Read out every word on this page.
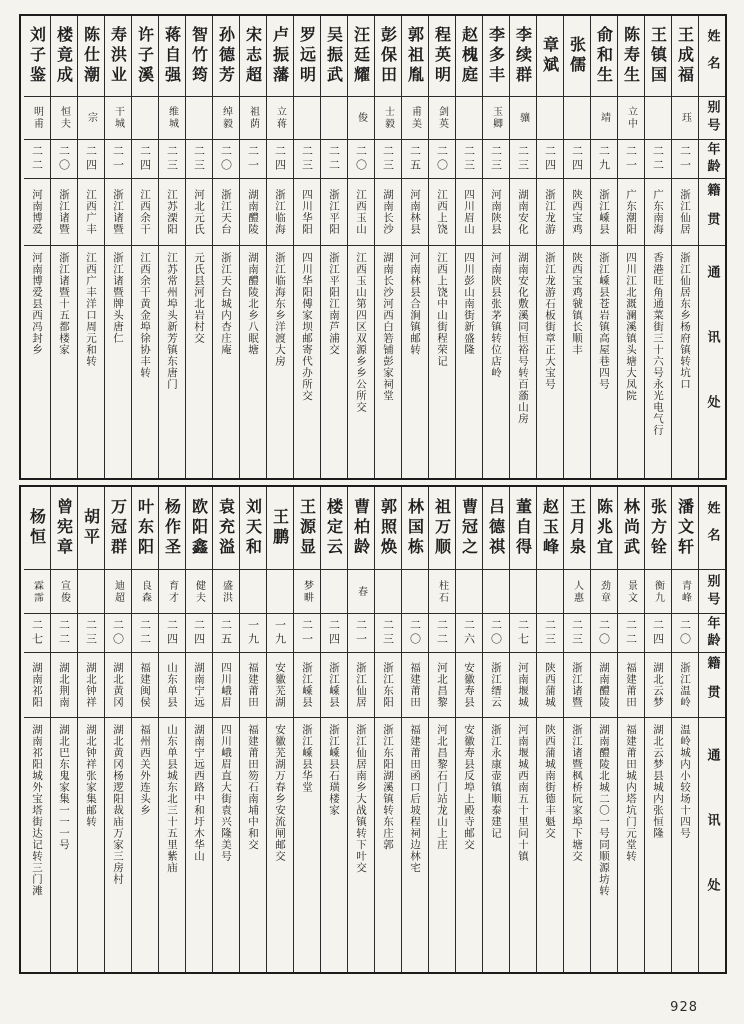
姓名
别号
年龄
籍贯
通讯处
王成福
珏
二一
浙江仙居
浙江仙居东乡杨府镇转坑口
王镇国
二二
广东南海
香港旺角通菜街三十六号永光电气行
陈寿生
立中
二一
广东潮阳
四川江北溉澜溪镇头塘大凤院
俞和生
靖
二九
浙江嵊县
浙江嵊县苍岩镇高屋巷四号
张儒
二四
陕西宝鸡
陕西宝鸡虢镇长顺丰
章斌
二四
浙江龙游
浙江龙游石板街章正大宝号
李续群
骧
二三
湖南安化
湖南安化敷溪同恒裕号转百蕍山房
李多丰
玉卿
二三
河南陕县
河南陕县张茅镇转位店岭
赵槐庭
二三
四川眉山
四川彭山南街新盛隆
程英明
剑英
二〇
江西上饶
江西上饶中山街程荣记
郭祖胤
甫美
二五
河南林县
河南林县合涧镇邮转
彭保田
士毅
二三
湖南长沙
湖南长沙河西白箬铺彭家祠堂
汪廷耀
俊
二〇
江西玉山
江西玉山第四区双源乡乡公所交
吴振武
二二
浙江平阳
浙江平阳江南芦浦交
罗远明
二三
四川华阳
四川华阳傅家坝邮寄代办所交
卢振藩
立蒋
二四
浙江临海
浙江临海东乡洋渡大房
宋志超
祖荫
二一
湖南醴陵
湖南醴陵北乡八眠塘
孙德芳
绰毅
二〇
浙江天台
浙江天台城内杏庄庵
智竹筠
二三
河北元氏
元氏县河北岩村交
蒋自强
维城
二三
江苏溧阳
江苏常州埠头新芳镇东唐门
许子溪
二四
江西余干
江西余干黄金埠徐协丰转
寿洪业
干城
二一
浙江诸暨
浙江诸暨牌头唐仁
陈仕潮
宗
二四
江西广丰
江西广丰洋口周元和转
楼竟成
恒夫
二〇
浙江诸暨
浙江诸暨十五都楼家
刘子鉴
明甫
二二
河南博爱
河南博爱县西冯封乡
姓名
别号
年龄
籍贯
通讯处
潘文轩
青峰
二〇
浙江温岭
温岭城内小较场十四号
张方铨
衡九
二四
湖北云梦
湖北云梦县城内张恒隆
林尚武
景文
二二
福建莆田
福建莆田城内塔坑门元堂转
陈兆宜
劲章
二〇
湖南醴陵
湖南醴陵北城二〇一号同顺源坊转
王月泉
人惠
二三
浙江诸暨
浙江诸暨枫桥阮家埠下塘交
赵玉峰
二三
陕西蒲城
陕西蒲城南街德丰魁交
董自得
二七
河南堰城
河南堰城西南五十里问十镇
吕德祺
二〇
浙江缙云
浙江永康壶镇顺泰建记
曹冠之
二六
安徽寿县
安徽寿县反埠上殿寺邮交
祖万顺
柱石
二二
河北昌黎
河北昌黎石门站龙山上庄
林国栋
二〇
福建莆田
福建莆田函口后坡程祠边林宅
郭照焕
二三
浙江东阳
浙江东阳湖溪镇转东庄郭
曹柏龄
春
二一
浙江仙居
浙江仙居南乡大战镇转下叶交
楼定云
二四
浙江嵊县
浙江嵊县石璜楼家
王源显
梦畊
二一
浙江嵊县
浙江嵊县华堂
王鹏
一九
安徽芜湖
安徽芜湖万春乡安流闸邮交
刘天和
一九
福建莆田
福建莆田笏石南埔中和交
袁充溢
盛洪
二五
四川峨眉
四川峨眉直大街袁兴隆美号
欧阳鑫
健夫
二四
湖南宁远
湖南宁远西路中和圩木华山
杨作圣
育才
二四
山东单县
山东单县城东北三十五里紫庙
叶东阳
良森
二二
福建闽侯
福州西关外连头乡
万冠群
迪超
二〇
湖北黄冈
湖北黄冈杨逻阳裁庙万家三房村
胡平
二三
湖北钟祥
湖北钟祥张家集邮转
曾宪章
宣俊
二二
湖北荆南
湖北巴东鬼家集一一一号
杨恒
霖霈
二七
湖南祁阳
湖南祁阳城外宝塔街达记转三门滩
928
